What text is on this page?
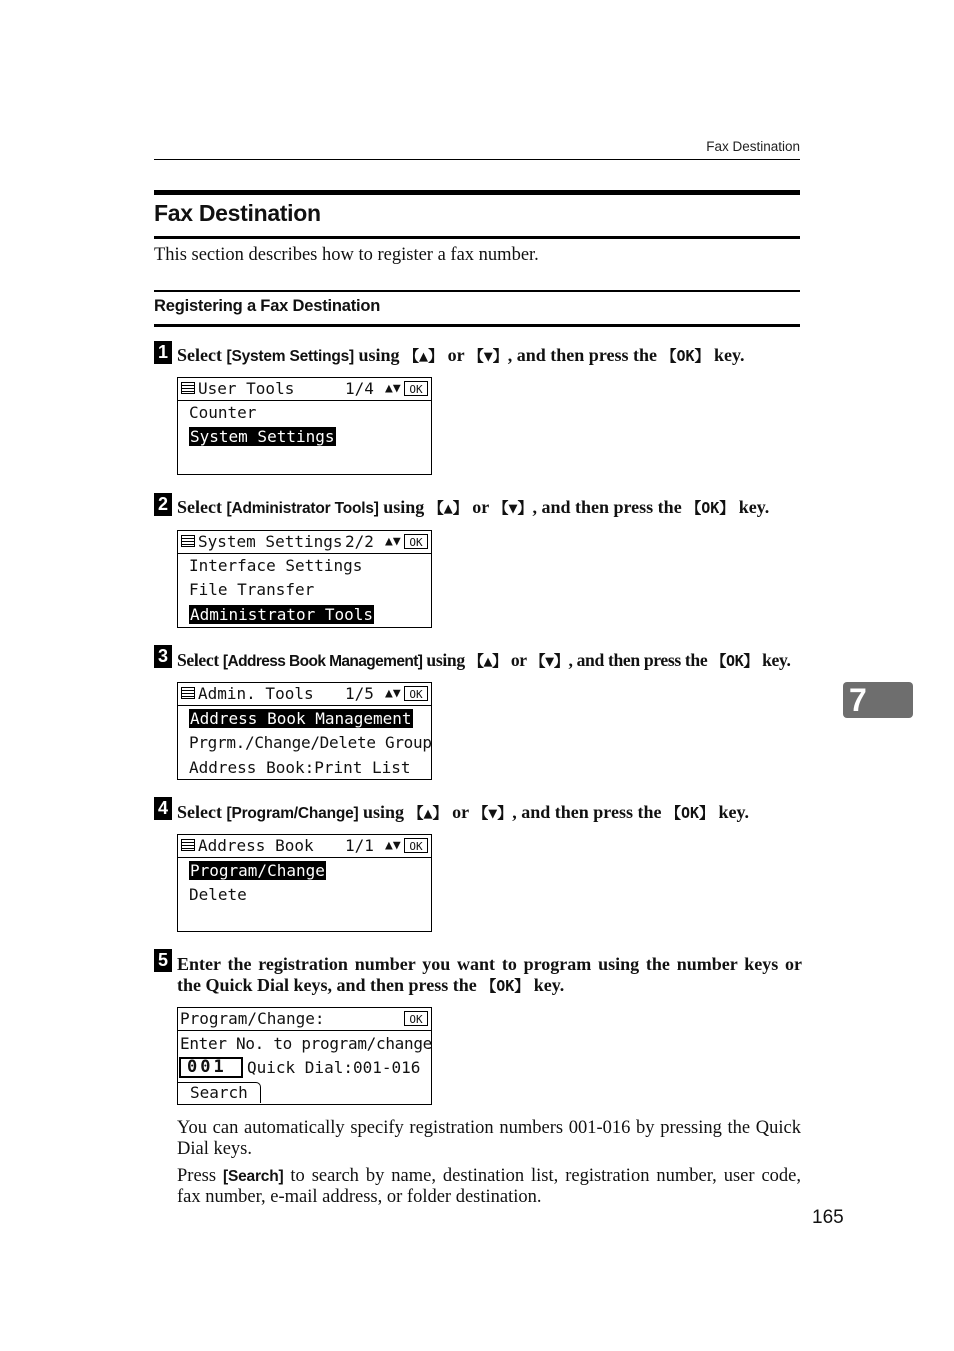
Fax Destination
Fax Destination
This section describes how to register a fax number.
Registering a Fax Destination
1 Select [System Settings] using 【▲】 or 【▼】, and then press the 【OK】 key.
User Tools	1/4 ▲▼ OK
Counter
System Settings
2 Select [Administrator Tools] using 【▲】 or 【▼】, and then press the 【OK】 key.
System Settings 2/2 ▲▼ OK
Interface Settings
File Transfer
Administrator Tools
3 Select [Address Book Management] using 【▲】 or 【▼】, and then press the 【OK】 key.
Admin. Tools 1/5 ▲▼ OK
Address Book Management
Prgrm./Change/Delete Group
Address Book:Print List
4 Select [Program/Change] using 【▲】 or 【▼】, and then press the 【OK】 key.
Address Book 1/1 ▲▼ OK
Program/Change
Delete
5 Enter the registration number you want to program using the number keys or the Quick Dial keys, and then press the 【OK】 key.
Program/Change:	OK
Enter No. to program/change
001	Quick Dial:001-016
Search
You can automatically specify registration numbers 001-016 by pressing the Quick Dial keys.
Press [Search] to search by name, destination list, registration number, user code, fax number, e-mail address, or folder destination.
7
165
